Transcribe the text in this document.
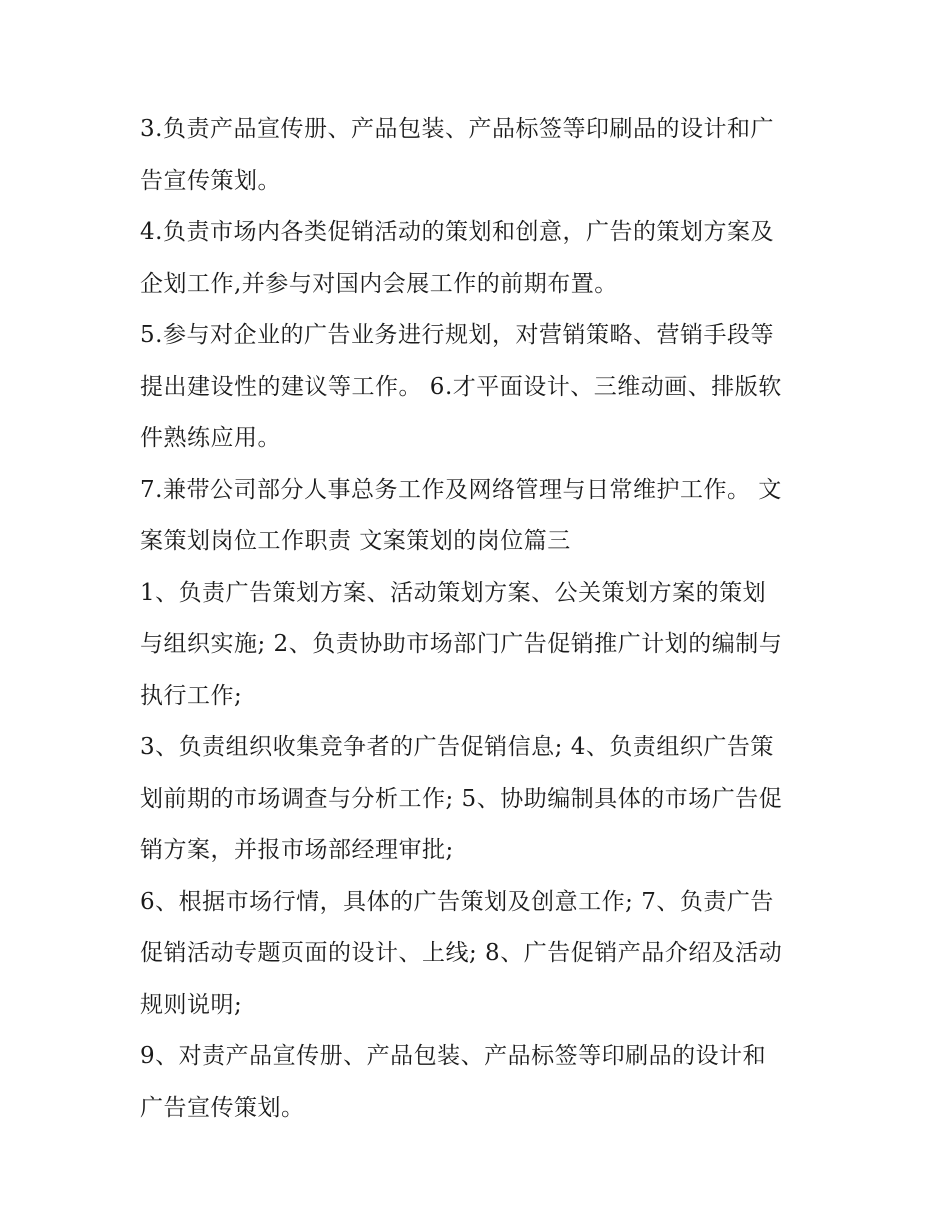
3.负责产品宣传册、产品包装、产品标签等印刷品的设计和广
告宣传策划。
4.负责市场内各类促销活动的策划和创意，广告的策划方案及
企划工作,并参与对国内会展工作的前期布置。
5.参与对企业的广告业务进行规划，对营销策略、营销手段等
提出建设性的建议等工作。 6.才平面设计、三维动画、排版软
件熟练应用。
7.兼带公司部分人事总务工作及网络管理与日常维护工作。 文
案策划岗位工作职责 文案策划的岗位篇三
1、负责广告策划方案、活动策划方案、公关策划方案的策划
与组织实施; 2、负责协助市场部门广告促销推广计划的编制与
执行工作;
3、负责组织收集竞争者的广告促销信息; 4、负责组织广告策
划前期的市场调查与分析工作; 5、协助编制具体的市场广告促
销方案，并报市场部经理审批;
6、根据市场行情，具体的广告策划及创意工作; 7、负责广告
促销活动专题页面的设计、上线; 8、广告促销产品介绍及活动
规则说明;
9、对责产品宣传册、产品包装、产品标签等印刷品的设计和
广告宣传策划。
